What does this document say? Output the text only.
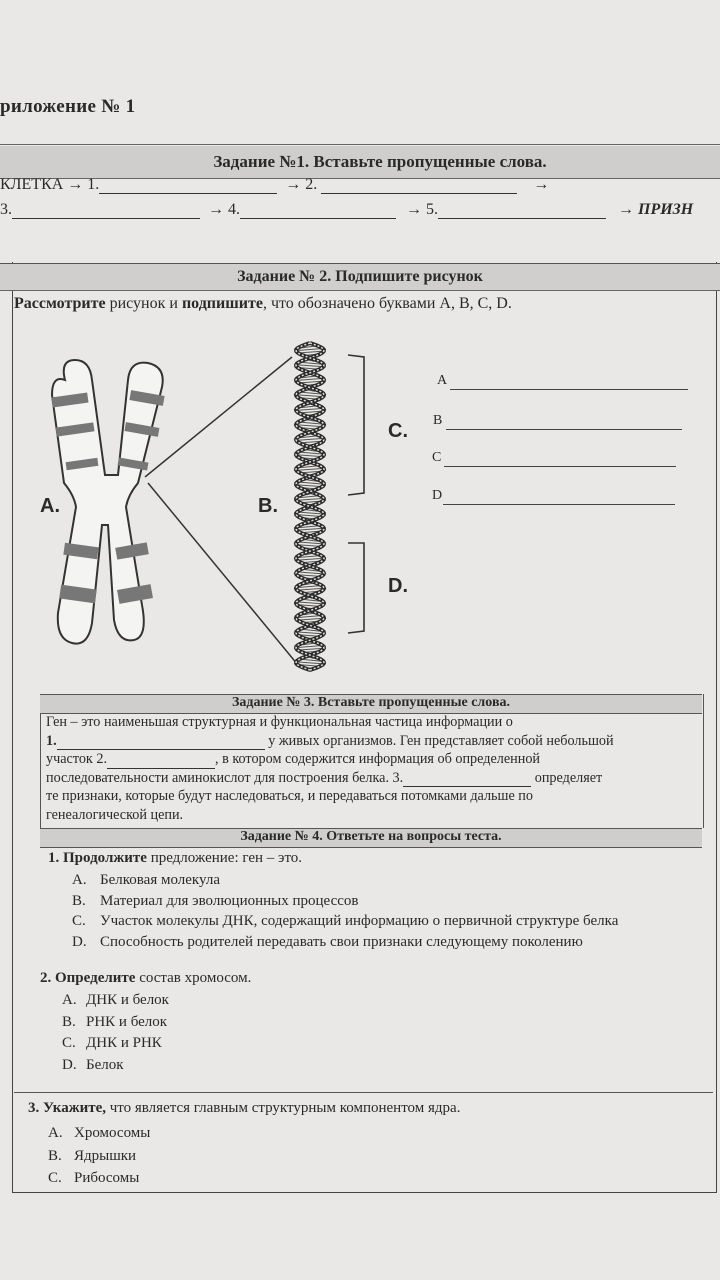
риложение № 1
Задание №1. Вставьте пропущенные слова.
КЛЕТКА → 1.	→ 2.	→
3.	→ 4.	→ 5.	→ ПРИЗН
Задание № 2. Подпишите рисунок
Рассмотрите рисунок и подпишите, что обозначено буквами A, B, C, D.
A.	B.
C.
D.
A
B
C
D
Задание № 3. Вставьте пропущенные слова.
Ген – это наименьшая структурная и функциональная частица информации о
1.	у живых организмов. Ген представляет собой небольшой
участок 2.	, в котором содержится информация об определенной
последовательности аминокислот для построения белка. 3.	определяет
те признаки, которые будут наследоваться, и передаваться потомками дальше по
генеалогической цепи.
Задание № 4. Ответьте на вопросы теста.
1. Продолжите предложение: ген – это.
A. Белковая молекула
B. Материал для эволюционных процессов
C. Участок молекулы ДНК, содержащий информацию о первичной структуре белка
D. Способность родителей передавать свои признаки следующему поколению
2. Определите состав хромосом.
A. ДНК и белок
B. РНК и белок
C. ДНК и РНК
D. Белок
3. Укажите, что является главным структурным компонентом ядра.
A. Хромосомы
B. Ядрышки
C. Рибосомы
